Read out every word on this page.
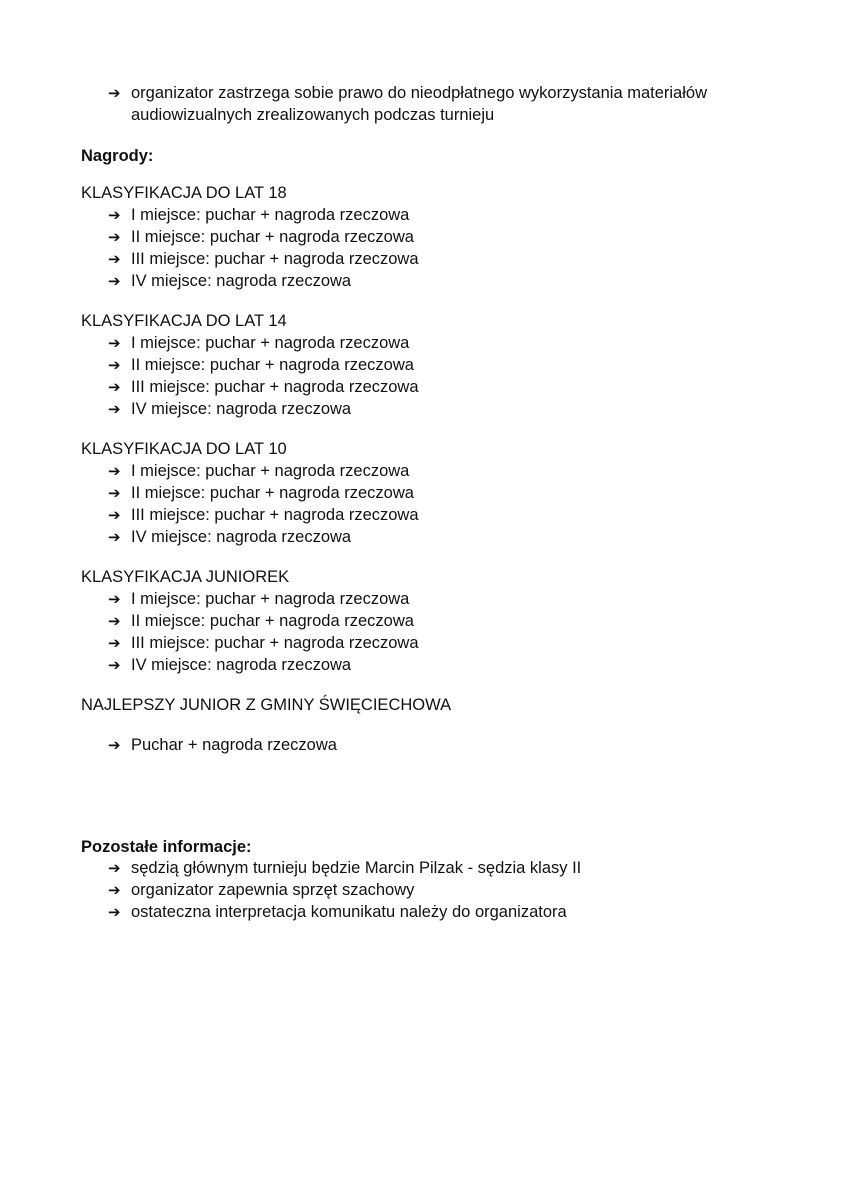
➔ organizator zastrzega sobie prawo do nieodpłatnego wykorzystania materiałów audiowizualnych zrealizowanych podczas turnieju
Nagrody:

KLASYFIKACJA DO LAT 18

➔ I miejsce: puchar + nagroda rzeczowa
➔ II miejsce: puchar + nagroda rzeczowa
➔ III miejsce: puchar + nagroda rzeczowa
➔ IV miejsce: nagroda rzeczowa

KLASYFIKACJA DO LAT 14

➔ I miejsce: puchar + nagroda rzeczowa
➔ II miejsce: puchar + nagroda rzeczowa
➔ III miejsce: puchar + nagroda rzeczowa
➔ IV miejsce: nagroda rzeczowa

KLASYFIKACJA DO LAT 10

➔ I miejsce: puchar + nagroda rzeczowa
➔ II miejsce: puchar + nagroda rzeczowa
➔ III miejsce: puchar + nagroda rzeczowa
➔ IV miejsce: nagroda rzeczowa

KLASYFIKACJA JUNIOREK

➔ I miejsce: puchar + nagroda rzeczowa
➔ II miejsce: puchar + nagroda rzeczowa
➔ III miejsce: puchar + nagroda rzeczowa
➔ IV miejsce: nagroda rzeczowa
NAJLEPSZY JUNIOR Z GMINY ŚWIĘCIECHOWA
➔ Puchar + nagroda rzeczowa
Pozostałe informacje:
➔ sędzią głównym turnieju będzie Marcin Pilzak - sędzia klasy II
➔ organizator zapewnia sprzęt szachowy
➔ ostateczna interpretacja komunikatu należy do organizatora
